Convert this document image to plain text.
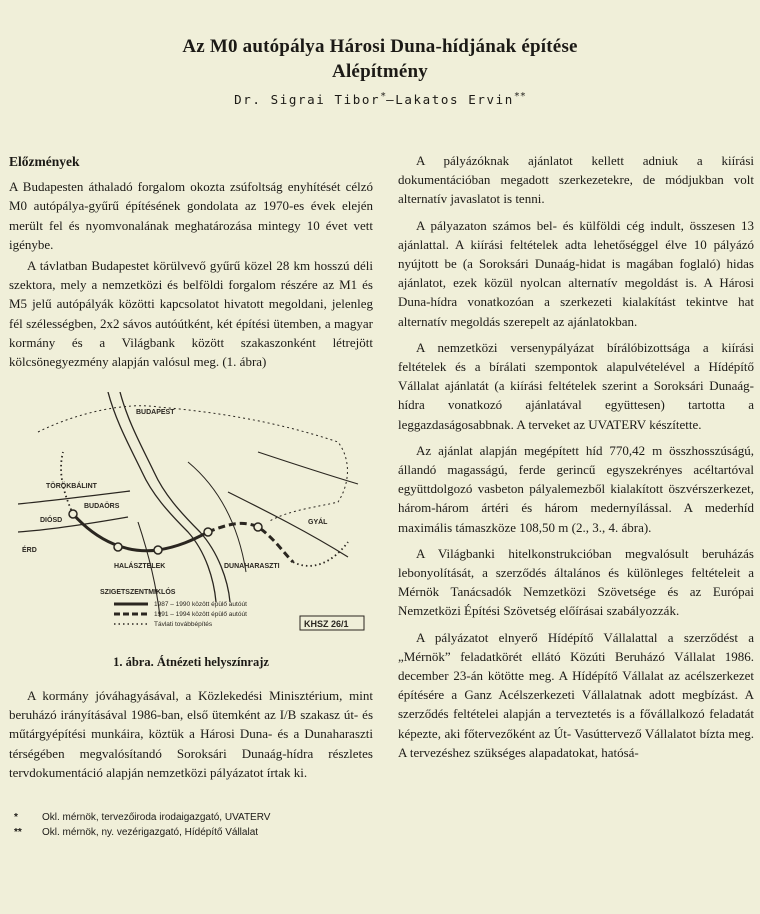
Az M0 autópálya Hárosi Duna-hídjának építése
Alépítmény
Dr. Sigrai Tibor*–Lakatos Ervin**
Előzmények

A Budapesten áthaladó forgalom okozta zsúfoltság enyhítését célzó M0 autópálya-gyűrű építésének gondolata az 1970-es évek elején merült fel és nyomvonalának meghatározása mintegy 10 évet vett igénybe.

A távlatban Budapestet körülvevő gyűrű közel 28 km hosszú déli szektora, mely a nemzetközi és belföldi forgalom részére az M1 és M5 jelű autópályák közötti kapcsolatot hivatott megoldani, jelenleg fél szélességben, 2x2 sávos autóútként, két építési ütemben, a magyar kormány és a Világbank között szakaszonként létrejött kölcsönegyezmény alapján valósul meg. (1. ábra)

BUDAPEST
TÖRÖKBÁLINT
BUDAÖRS
DIÓSD
ÉRD
HALÁSZTELEK
SZIGETSZENTMIKLÓS
DUNAHARASZTI
GYÁL
1987 – 1990 között épülő autóút
1991 – 1994 között épülő autóút
Távlati továbbépítés	KHSZ 26/1
1. ábra. Átnézeti helyszínrajz

A kormány jóváhagyásával, a Közlekedési Minisztérium, mint beruházó irányításával 1986-ban, első ütemként az I/B szakasz út- és műtárgyépítési munkáira, köztük a Hárosi Duna- és a Dunaharaszti térségében megvalósítandó Soroksári Dunaág-hídra részletes tervdokumentáció alapján nemzetközi pályázatot írtak ki.

*	Okl. mérnök, tervezőiroda irodaigazgató, UVATERV
**	Okl. mérnök, ny. vezérigazgató, Hídépítő Vállalat

A pályázóknak ajánlatot kellett adniuk a kiírási dokumentációban megadott szerkezetekre, de módjukban volt alternatív javaslatot is tenni.

A pályazaton számos bel- és külföldi cég indult, összesen 13 ajánlattal. A kiírási feltételek adta lehetőséggel élve 10 pályázó nyújtott be (a Soroksári Dunaág-hidat is magában foglaló) hidas ajánlatot, ezek közül nyolcan alternatív megoldást is. A Hárosi Duna-hídra vonatkozóan a szerkezeti kialakítást tekintve hat alternatív megoldás szerepelt az ajánlatokban.

A nemzetközi versenypályázat bírálóbizottsága a kiírási feltételek és a bírálati szempontok alapulvételével a Hídépítő Vállalat ajánlatát (a kiírási feltételek szerint a Soroksári Dunaág-hídra vonatkozó ajánlatával együttesen) tartotta a leggazdaságosabbnak. A terveket az UVATERV készítette.

Az ajánlat alapján megépített híd 770,42 m összhosszúságú, állandó magasságú, ferde gerincű egyszekrényes acéltartóval együttdolgozó vasbeton pályalemezből kialakított öszvérszerkezet, három-három ártéri és három medernyílással. A mederhíd maximális támaszköze 108,50 m (2., 3., 4. ábra).

A Világbanki hitelkonstrukcióban megvalósult beruházás lebonyolítását, a szerződés általános és különleges feltételeit a Mérnök Tanácsadók Nemzetközi Szövetsége és az Európai Nemzetközi Építési Szövetség előírásai szabályozzák.

A pályázatot elnyerő Hídépítő Vállalattal a szerződést a „Mérnök” feladatkörét ellátó Közúti Beruházó Vállalat 1986. december 23-án kötötte meg. A Hídépítő Vállalat az acélszerkezet építésére a Ganz Acélszerkezeti Vállalatnak adott megbízást. A szerződés feltételei alapján a terveztetés is a fővállalkozó feladatát képezte, aki főtervezőként az Út- Vasúttervező Vállalatot bízta meg. A tervezéshez szükséges alapadatokat, hatósá-
